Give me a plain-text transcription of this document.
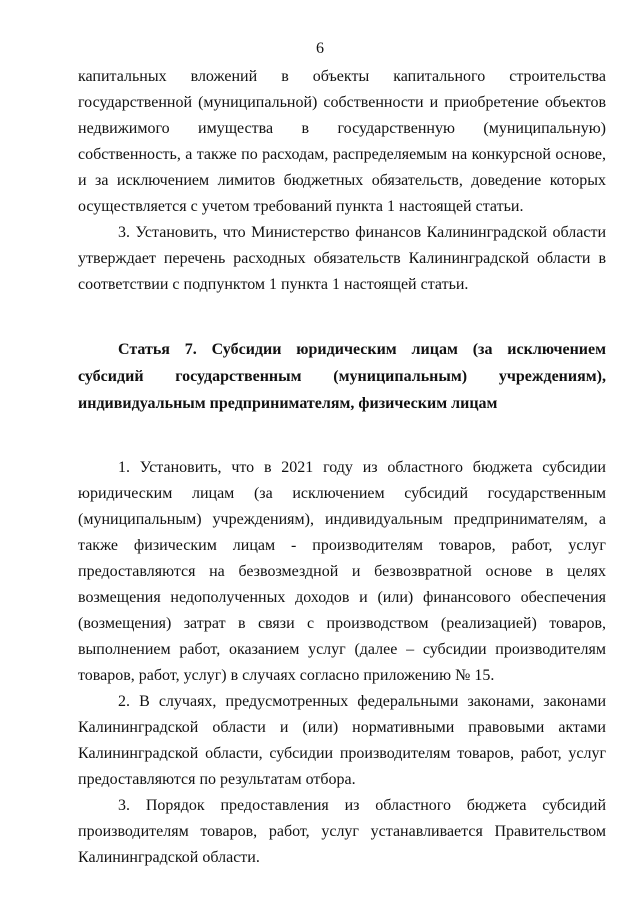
6

капитальных вложений в объекты капитального строительства государственной (муниципальной) собственности и приобретение объектов недвижимого имущества в государственную (муниципальную) собственность, а также по расходам, распределяемым на конкурсной основе, и за исключением лимитов бюджетных обязательств, доведение которых осуществляется с учетом требований пункта 1 настоящей статьи.

3. Установить, что Министерство финансов Калининградской области утверждает перечень расходных обязательств Калининградской области в соответствии с подпунктом 1 пункта 1 настоящей статьи.

Статья 7. Субсидии юридическим лицам (за исключением субсидий государственным (муниципальным) учреждениям), индивидуальным предпринимателям, физическим лицам

1. Установить, что в 2021 году из областного бюджета субсидии юридическим лицам (за исключением субсидий государственным (муниципальным) учреждениям), индивидуальным предпринимателям, а также физическим лицам - производителям товаров, работ, услуг предоставляются на безвозмездной и безвозвратной основе в целях возмещения недополученных доходов и (или) финансового обеспечения (возмещения) затрат в связи с производством (реализацией) товаров, выполнением работ, оказанием услуг (далее – субсидии производителям товаров, работ, услуг) в случаях согласно приложению № 15.

2. В случаях, предусмотренных федеральными законами, законами Калининградской области и (или) нормативными правовыми актами Калининградской области, субсидии производителям товаров, работ, услуг предоставляются по результатам отбора.

3. Порядок предоставления из областного бюджета субсидий производителям товаров, работ, услуг устанавливается Правительством Калининградской области.
